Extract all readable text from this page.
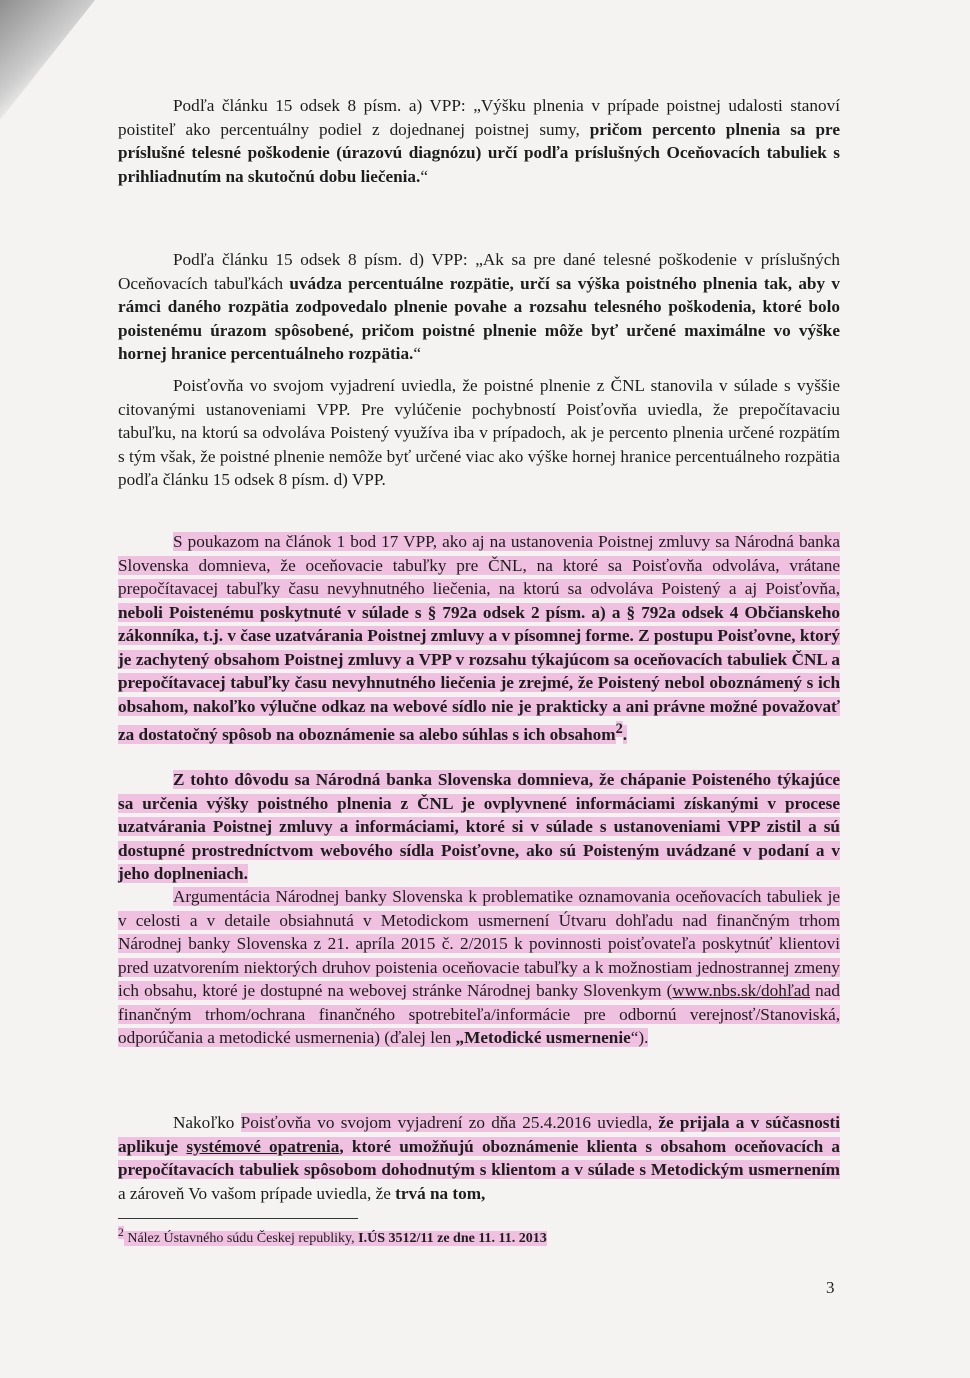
Podľa článku 15 odsek 8 písm. a) VPP: „Výšku plnenia v prípade poistnej udalosti stanoví poistiteľ ako percentuálny podiel z dojednanej poistnej sumy, pričom percento plnenia sa pre príslušné telesné poškodenie (úrazovú diagnózu) určí podľa príslušných Oceňovacích tabuliek s prihliadnutím na skutočnú dobu liečenia.“

Podľa článku 15 odsek 8 písm. d) VPP: „Ak sa pre dané telesné poškodenie v príslušných Oceňovacích tabuľkách uvádza percentuálne rozpätie, určí sa výška poistného plnenia tak, aby v rámci daného rozpätia zodpovedalo plnenie povahe a rozsahu telesného poškodenia, ktoré bolo poistenému úrazom spôsobené, pričom poistné plnenie môže byť určené maximálne vo výške hornej hranice percentuálneho rozpätia.“

Poisťovňa vo svojom vyjadrení uviedla, že poistné plnenie z ČNL stanovila v súlade s vyššie citovanými ustanoveniami VPP. Pre vylúčenie pochybností Poisťovňa uviedla, že prepočítavaciu tabuľku, na ktorú sa odvoláva Poistený využíva iba v prípadoch, ak je percento plnenia určené rozpätím s tým však, že poistné plnenie nemôže byť určené viac ako výške hornej hranice percentuálneho rozpätia podľa článku 15 odsek 8 písm. d) VPP.

S poukazom na článok 1 bod 17 VPP, ako aj na ustanovenia Poistnej zmluvy sa Národná banka Slovenska domnieva, že oceňovacie tabuľky pre ČNL, na ktoré sa Poisťovňa odvoláva, vrátane prepočítavacej tabuľky času nevyhnutného liečenia, na ktorú sa odvoláva Poistený a aj Poisťovňa, neboli Poistenému poskytnuté v súlade s § 792a odsek 2 písm. a) a § 792a odsek 4 Občianskeho zákonníka, t.j. v čase uzatvárania Poistnej zmluvy a v písomnej forme. Z postupu Poisťovne, ktorý je zachytený obsahom Poistnej zmluvy a VPP v rozsahu týkajúcom sa oceňovacích tabuliek ČNL a prepočítavacej tabuľky času nevyhnutného liečenia je zrejmé, že Poistený nebol oboznámený s ich obsahom, nakoľko výlučne odkaz na webové sídlo nie je prakticky a ani právne možné považovať za dostatočný spôsob na oboznámenie sa alebo súhlas s ich obsahom$^2$.

Z tohto dôvodu sa Národná banka Slovenska domnieva, že chápanie Poisteného týkajúce sa určenia výšky poistného plnenia z ČNL je ovplyvnené informáciami získanými v procese uzatvárania Poistnej zmluvy a informáciami, ktoré si v súlade s ustanoveniami VPP zistil a sú dostupné prostredníctvom webového sídla Poisťovne, ako sú Poisteným uvádzané v podaní a v jeho doplneniach.

Argumentácia Národnej banky Slovenska k problematike oznamovania oceňovacích tabuliek je v celosti a v detaile obsiahnutá v Metodickom usmernení Útvaru dohľadu nad finančným trhom Národnej banky Slovenska z 21. apríla 2015 č. 2/2015 k povinnosti poisťovateľa poskytnúť klientovi pred uzatvorením niektorých druhov poistenia oceňovacie tabuľky a k možnostiam jednostrannej zmeny ich obsahu, ktoré je dostupné na webovej stránke Národnej banky Slovenkym (www.nbs.sk/dohľad nad finančným trhom/ochrana finančného spotrebiteľa/informácie pre odbornú verejnosť/Stanoviská, odporúčania a metodické usmernenia) (ďalej len „Metodické usmernenie“).

Nakoľko Poisťovňa vo svojom vyjadrení zo dňa 25.4.2016 uviedla, že prijala a v súčasnosti aplikuje systémové opatrenia, ktoré umožňujú oboznámenie klienta s obsahom oceňovacích a prepočítavacích tabuliek spôsobom dohodnutým s klientom a v súlade s Metodickým usmernením a zároveň Vo vašom prípade uviedla, že trvá na tom,

$^2$ Nález Ústavného súdu Českej republiky, I.ÚS 3512/11 ze dne 11. 11. 2013
3
